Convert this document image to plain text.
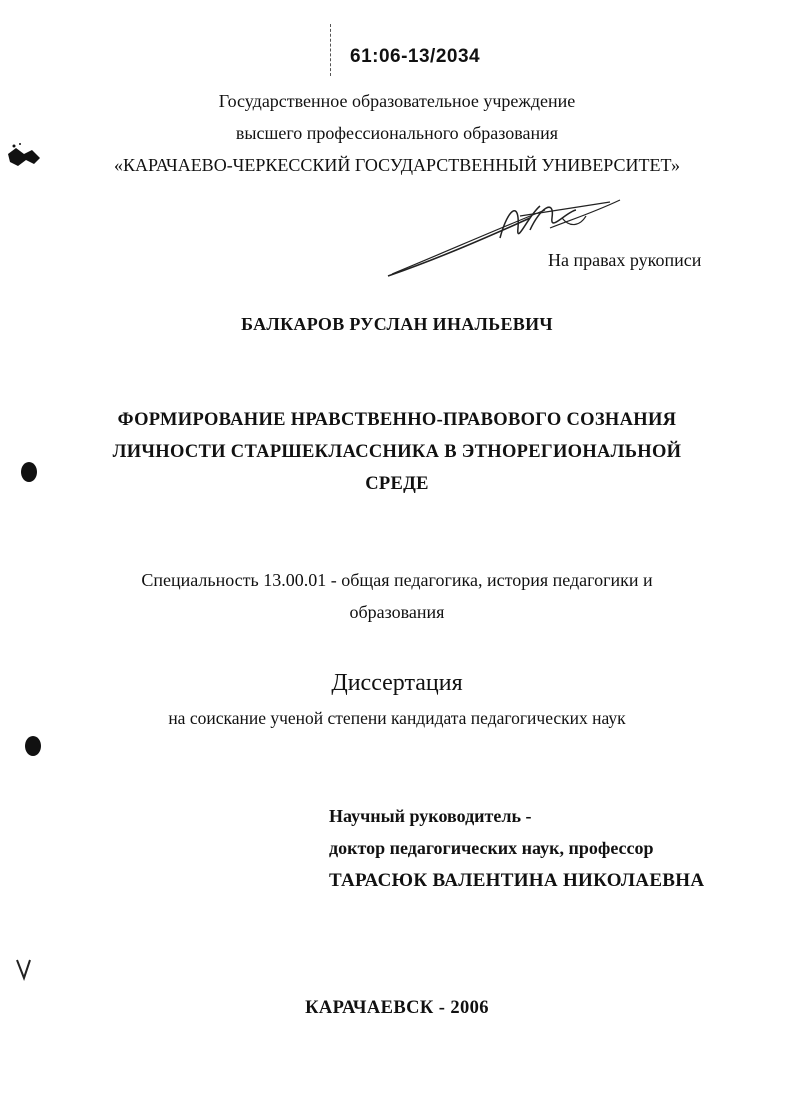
61:06-13/2034
Государственное образовательное учреждение
высшего профессионального образования
«КАРАЧАЕВО-ЧЕРКЕССКИЙ ГОСУДАРСТВЕННЫЙ УНИВЕРСИТЕТ»
На правах рукописи
БАЛКАРОВ РУСЛАН ИНАЛЬЕВИЧ
ФОРМИРОВАНИЕ НРАВСТВЕННО-ПРАВОВОГО СОЗНАНИЯ
ЛИЧНОСТИ СТАРШЕКЛАССНИКА В ЭТНОРЕГИОНАЛЬНОЙ
СРЕДЕ
Специальность 13.00.01 - общая педагогика, история педагогики и
образования
Диссертация
на соискание ученой степени кандидата педагогических наук
Научный руководитель -
доктор педагогических наук, профессор
ТАРАСЮК ВАЛЕНТИНА НИКОЛАЕВНА
КАРАЧАЕВСК - 2006
